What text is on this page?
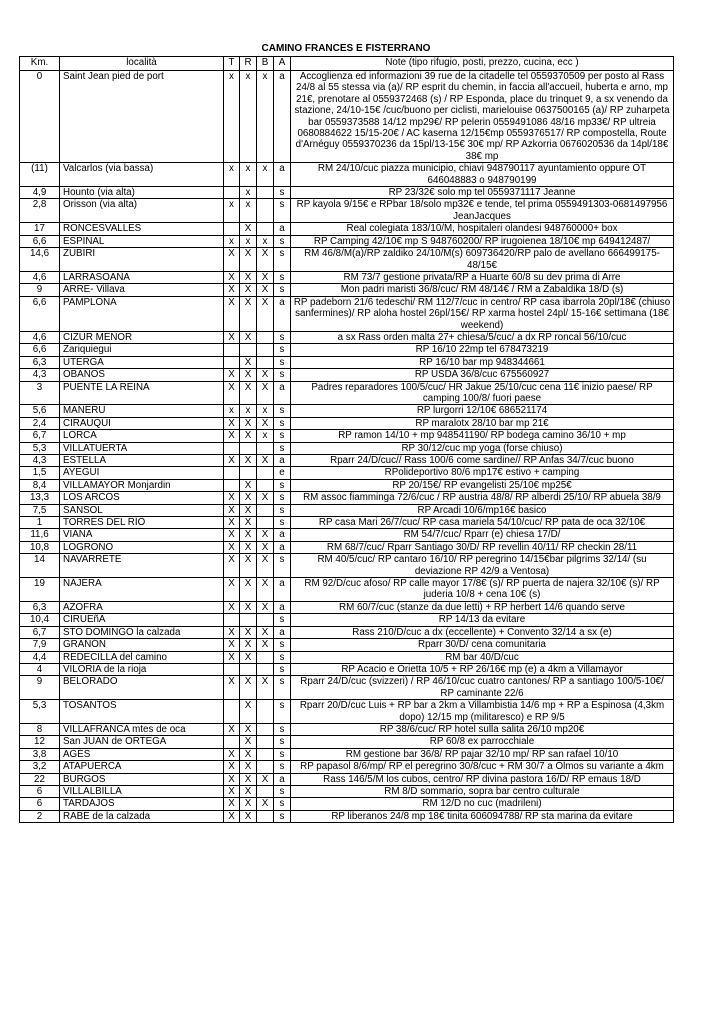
CAMINO FRANCES E FISTERRANO
Km.	località	T	R	B	A	Note (tipo rifugio, posti, prezzo, cucina, ecc )
0	Saint Jean pied de port	x	x	x	a	Accoglienza ed informazioni 39 rue de la citadelle tel 0559370509 per posto al Rass 24/8 al 55 stessa via (a)/ RP esprit du chemin, in faccia all'accueil, huberta e arno, mp 21€, prenotare al 0559372468 (s) / RP Esponda, place du trinquet 9, a sx venendo da stazione, 24/10-15€ /cuc/buono per ciclisti, marielouise 0637500165 (a)/ RP zuharpeta bar 0559373588 14/12 mp29€/ RP pelerin 0559491086 48/16 mp33€/ RP ultreia 0680884622 15/15-20€ / AC kaserna 12/15€mp 0559376517/ RP compostella, Route d'Arnéguy 0559370236 da 15pl/13-15€ 30€ mp/ RP Azkorria 0676020536 da 14pl/18€ 38€ mp
(11)	Valcarlos (via bassa)	x	x	x	a	RM 24/10/cuc piazza municipio, chiavi 948790117 ayuntamiento oppure OT 646048883 o 948790199
4,9	Hounto (via alta)		x		s	RP 23/32€ solo mp tel 0559371117 Jeanne
2,8	Orisson (via alta)	x	x		s	RP kayola 9/15€ e RPbar 18/solo mp32€ e tende, tel prima 0559491303-0681497956 JeanJacques
17	RONCESVALLES		X		a	Real colegiata 183/10/M, hospitaleri olandesi 948760000+ box
6,6	ESPINAL	x	x	x	s	RP Camping 42/10€ mp S 948760200/ RP irugoienea 18/10€ mp 649412487/
14,6	ZUBIRI	X	X	X	s	RM 46/8/M(a)/RP zaldiko 24/10/M(s) 609736420/RP palo de avellano 666499175- 48/15€
4,6	LARRASOAÑA	X	X	X	s	RM 73/7 gestione privata/RP a Huarte 60/8 su dev prima di Arre
9	ARRE- Villava	X	X	X	s	Mon padri maristi 36/8/cuc/ RM 48/14€ / RM a Zabaldika 18/D (s)
6,6	PAMPLONA	X	X	X	a	RP padeborn 21/6 tedeschi/ RM 112/7/cuc in centro/ RP casa ibarrola 20pl/18€ (chiuso sanfermines)/ RP aloha hostel 26pl/15€/ RP xarma hostel 24pl/ 15-16€ settimana (18€ weekend)
4,6	CIZUR MENOR	X	X		s	a sx Rass orden malta 27+ chiesa/5/cuc/ a dx RP roncal 56/10/cuc
6,6	Zariquiegui				s	RP 16/10 22mp tel 678473219
6,3	UTERGA		X		s	RP 16/10 bar mp 948344661
4,3	OBANOS	X	X	X	s	RP USDA 36/8/cuc 675560927
3	PUENTE LA REINA	X	X	X	a	Padres reparadores 100/5/cuc/ HR Jakue 25/10/cuc cena 11€ inizio paese/ RP camping 100/8/ fuori paese
5,6	MANERU	x	x	x	s	RP lurgorri 12/10€ 686521174
2,4	CIRAUQUI	X	X	X	s	RP maralotx 28/10 bar mp 21€
6,7	LORCA	X	X	x	s	RP ramon 14/10 + mp 948541190/ RP bodega camino 36/10 + mp
5,3	VILLATUERTA				s	RP 30/12/cuc mp yoga (forse chiuso)
4,3	ESTELLA	X	X	X	a	Rparr 24/D/cuc// Rass 100/6 come sardine// RP Anfas 34/7/cuc buono
1,5	AYEGUI				e	RPolideportivo 80/6 mp17€ estivo + camping
8,4	VILLAMAYOR Monjardin		X		s	RP 20/15€/ RP evangelisti 25/10€ mp25€
13,3	LOS ARCOS	X	X	X	s	RM assoc fiamminga 72/6/cuc / RP austria 48/8/ RP alberdi 25/10/ RP abuela 38/9
7,5	SANSOL	X	X		s	RP Arcadi 10/6/mp16€ basico
1	TORRES DEL RÍO	X	X		s	RP casa Mari 26/7/cuc/ RP casa mariela 54/10/cuc/ RP pata de oca 32/10€
11,6	VIANA	X	X	X	a	RM 54/7/cuc/ Rparr (e) chiesa 17/D/
10,8	LOGROÑO	X	X	X	a	RM 68/7/cuc/ Rparr Santiago 30/D/ RP revellin 40/11/ RP checkin 28/11
14	NAVARRETE	X	X	X	s	RM 40/5/cuc/ RP cantaro 16/10/ RP peregrino 14/15€bar pilgrims 32/14/ (su deviazione RP 42/9 a Ventosa)
19	NÁJERA	X	X	X	a	RM 92/D/cuc afoso/ RP calle mayor 17/8€ (s)/ RP puerta de najera 32/10€ (s)/ RP juderia 10/8 + cena 10€ (s)
6,3	AZOFRA	X	X	X	a	RM 60/7/cuc (stanze da due letti) + RP herbert 14/6 quando serve
10,4	CIRUEñA				s	RP 14/13 da evitare
6,7	STO DOMINGO la calzada	X	X	X	a	Rass 210/D/cuc a dx (eccellente) + Convento 32/14 a sx (e)
7,9	GRAÑÓN	X	X	X	s	Rparr 30/D/ cena comunitaria
4,4	REDECILLA del camino	X	X		s	RM bar 40/D/cuc
4	VILORIA de la rioja				s	RP Acacio e Orietta 10/5 + RP 26/16€ mp (e) a 4km a Villamayor
9	BELORADO	X	X	X	s	Rparr 24/D/cuc (svizzeri) / RP 46/10/cuc cuatro cantones/ RP a santiago 100/5-10€/ RP caminante 22/6
5,3	TOSANTOS		X		s	Rparr 20/D/cuc Luis + RP bar a 2km a Villambistia 14/6 mp + RP a Espinosa (4,3km dopo) 12/15 mp (militaresco) e RP 9/5
8	VILLAFRANCA mtes de oca	X	X		s	RP 38/6/cuc/ RP hotel sulla salita 26/10 mp20€
12	San JUAN de ORTEGA		X		s	RP 60/8 ex parrocchiale
3,8	AGÉS	X	X		s	RM gestione bar 36/8/ RP pajar 32/10 mp/ RP san rafael 10/10
3,2	ATAPUERCA	X	X		s	RP papasol 8/6/mp/ RP el peregrino 30/8/cuc + RM 30/7 a Olmos su variante a 4km
22	BURGOS	X	X	X	a	Rass 146/5/M los cubos, centro/ RP divina pastora 16/D/ RP emaus 18/D
6	VILLALBILLA	X	X		s	RM 8/D sommario, sopra bar centro culturale
6	TARDAJOS	X	X	X	s	RM 12/D no cuc (madrileni)
2	RABÉ de la calzada	X	X		s	RP liberanos 24/8 mp 18€ tinita 606094788/ RP sta marina da evitare
